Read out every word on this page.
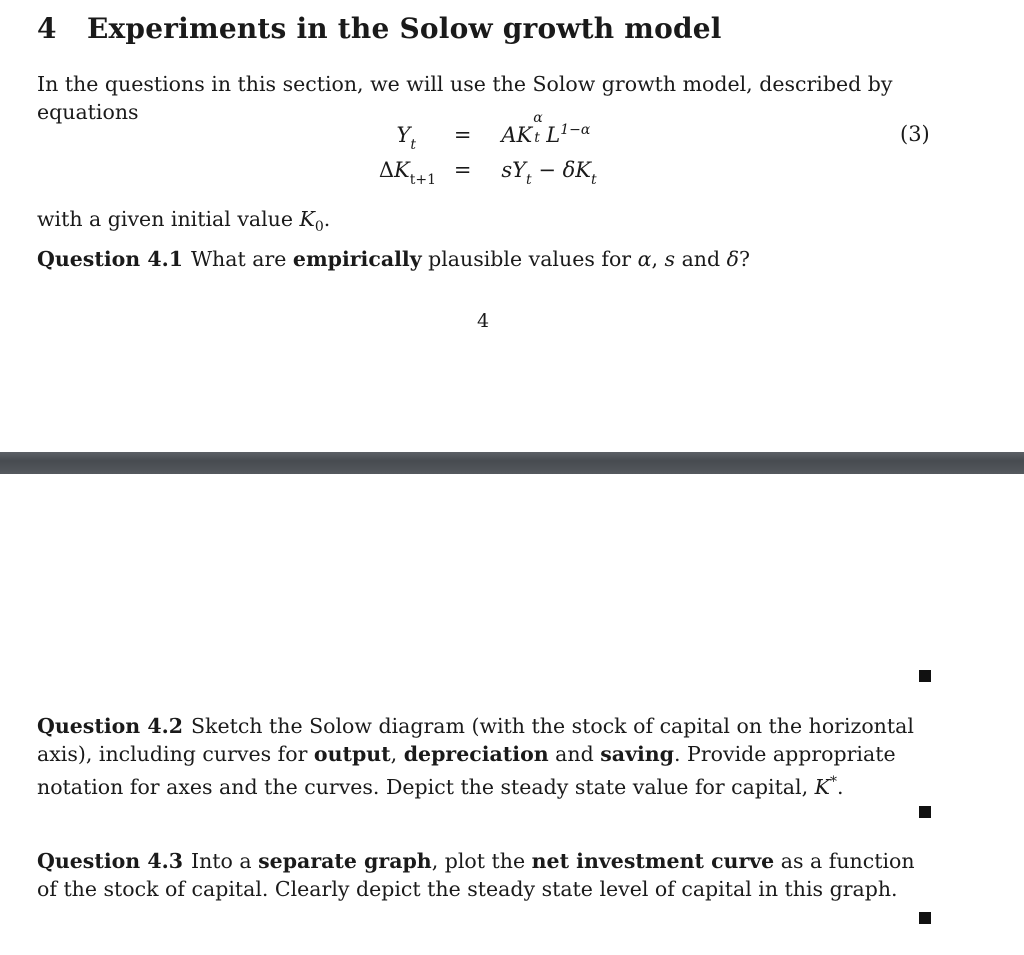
4 Experiments in the Solow growth model

In the questions in this section, we will use the Solow growth model, described by equations

$Y_t$ = AK
α
t $L^{1-\alpha}$
$\Delta K_{t+1} = sY_t - \delta K_t$
(3)

with a given initial value $K_0$.

Question 4.1 What are empirically plausible values for α, s and δ?

4

Question 4.2 Sketch the Solow diagram (with the stock of capital on the horizontal axis), including curves for output, depreciation and saving. Provide appropriate notation for axes and the curves. Depict the steady state value for capital, K*.

Question 4.3 Into a separate graph, plot the net investment curve as a function of the stock of capital. Clearly depict the steady state level of capital in this graph.
